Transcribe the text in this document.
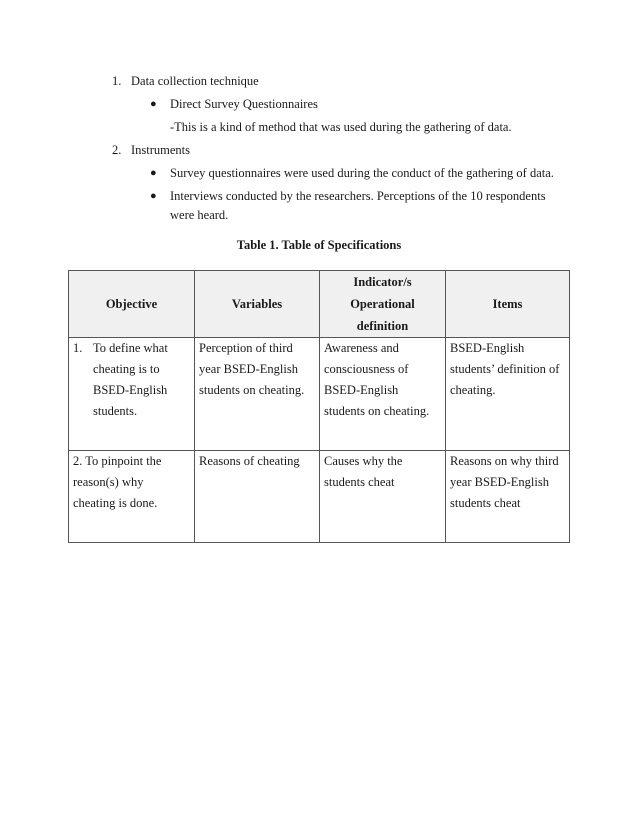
1. Data collection technique
● Direct Survey Questionnaires
-This is a kind of method that was used during the gathering of data.
2. Instruments
● Survey questionnaires were used during the conduct of the gathering of data.
● Interviews conducted by the researchers. Perceptions of the 10 respondents
were heard.
Table 1. Table of Specifications
Objective	Variables	Indicator/s
Operational
definition	Items

1. To define what
cheating is to
BSED-English
students.	Perception of third
year BSED-English
students on cheating.	Awareness and
consciousness of
BSED-English
students on cheating.	BSED-English
students’ definition of
cheating.

2. To pinpoint the
reason(s) why
cheating is done.	Reasons of cheating	Causes why the
students cheat	Reasons on why third
year BSED-English
students cheat
